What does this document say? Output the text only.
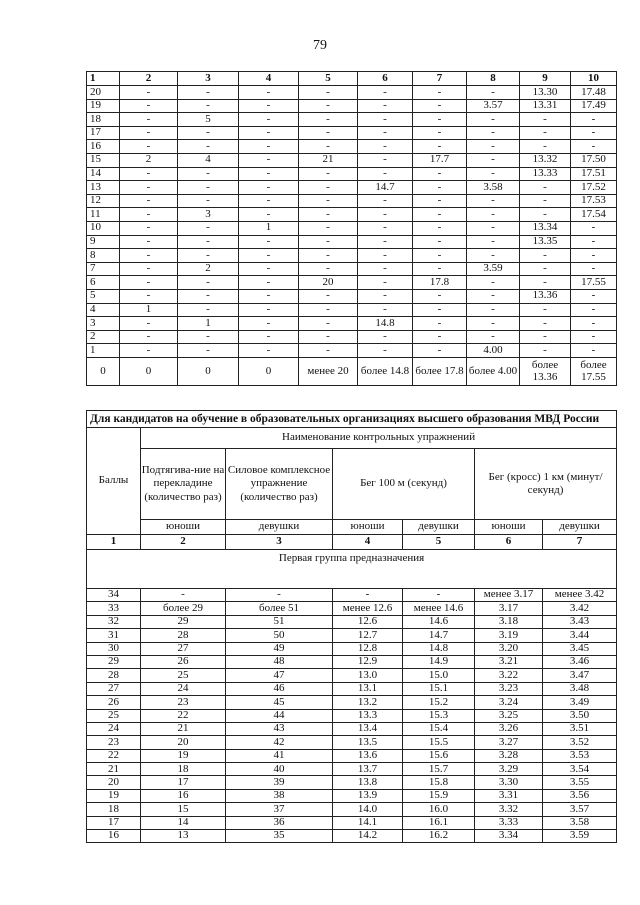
79
1	2	3	4	5	6	7	8	9	10
20	-	-	-	-	-	-	-	13.30	17.48
19	-	-	-	-	-	-	3.57	13.31	17.49
18	-	5	-	-	-	-	-	-	-
17	-	-	-	-	-	-	-	-	-
16	-	-	-	-	-	-	-	-	-
15	2	4	-	21	-	17.7	-	13.32	17.50
14	-	-	-	-	-	-	-	13.33	17.51
13	-	-	-	-	14.7	-	3.58	-	17.52
12	-	-	-	-	-	-	-	-	17.53
11	-	3	-	-	-	-	-	-	17.54
10	-	-	1	-	-	-	-	13.34	-
9	-	-	-	-	-	-	-	13.35	-
8	-	-	-	-	-	-	-	-	-
7	-	2	-	-	-	-	3.59	-	-
6	-	-	-	20	-	17.8	-	-	17.55
5	-	-	-	-	-	-	-	13.36	-
4	1	-	-	-	-	-	-	-	-
3	-	1	-	-	14.8	-	-	-	-
2	-	-	-	-	-	-	-	-	-
1	-	-	-	-	-	-	4.00	-	-
0	0	0	0	менее 20	более 14.8	более 17.8	более 4.00	более 13.36	более 17.55
Для кандидатов на обучение в образовательных организациях высшего образования МВД России						
Баллы	Наименование контрольных упражнений					
	Подтягива-ние на перекладине (количество раз)	Силовое комплексное упражнение (количество раз)	Бег 100 м (секунд)		Бег (кросс) 1 км (минут/секунд)	
	юноши	девушки	юноши	девушки	юноши	девушки
1	2	3	4	5	6	7
Первая группа предназначения						
34	-	-	-	-	менее 3.17	менее 3.42
33	более 29	более 51	менее 12.6	менее 14.6	3.17	3.42
32	29	51	12.6	14.6	3.18	3.43
31	28	50	12.7	14.7	3.19	3.44
30	27	49	12.8	14.8	3.20	3.45
29	26	48	12.9	14.9	3.21	3.46
28	25	47	13.0	15.0	3.22	3.47
27	24	46	13.1	15.1	3.23	3.48
26	23	45	13.2	15.2	3.24	3.49
25	22	44	13.3	15.3	3.25	3.50
24	21	43	13.4	15.4	3.26	3.51
23	20	42	13.5	15.5	3.27	3.52
22	19	41	13.6	15.6	3.28	3.53
21	18	40	13.7	15.7	3.29	3.54
20	17	39	13.8	15.8	3.30	3.55
19	16	38	13.9	15.9	3.31	3.56
18	15	37	14.0	16.0	3.32	3.57
17	14	36	14.1	16.1	3.33	3.58
16	13	35	14.2	16.2	3.34	3.59
